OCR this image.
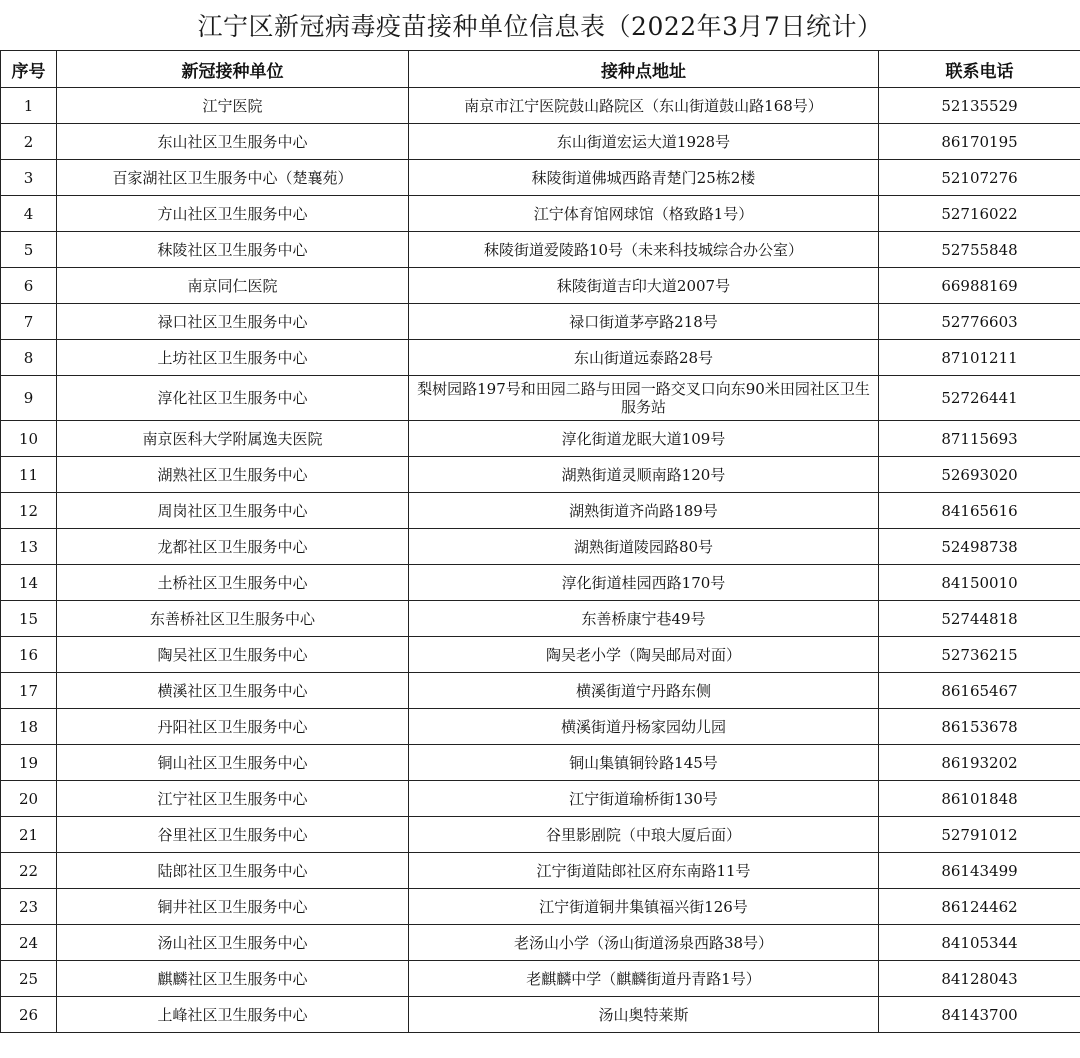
江宁区新冠病毒疫苗接种单位信息表（2022年3月7日统计）
序号	新冠接种单位	接种点地址	联系电话
1	江宁医院	南京市江宁医院鼓山路院区（东山街道鼓山路168号）	52135529
2	东山社区卫生服务中心	东山街道宏运大道1928号	86170195
3	百家湖社区卫生服务中心（楚襄苑）	秣陵街道佛城西路青楚门25栋2楼	52107276
4	方山社区卫生服务中心	江宁体育馆网球馆（格致路1号）	52716022
5	秣陵社区卫生服务中心	秣陵街道爱陵路10号（未来科技城综合办公室）	52755848
6	南京同仁医院	秣陵街道吉印大道2007号	66988169
7	禄口社区卫生服务中心	禄口街道茅亭路218号	52776603
8	上坊社区卫生服务中心	东山街道远泰路28号	87101211
9	淳化社区卫生服务中心	梨树园路197号和田园二路与田园一路交叉口向东90米田园社区卫生服务站	52726441
10	南京医科大学附属逸夫医院	淳化街道龙眠大道109号	87115693
11	湖熟社区卫生服务中心	湖熟街道灵顺南路120号	52693020
12	周岗社区卫生服务中心	湖熟街道齐尚路189号	84165616
13	龙都社区卫生服务中心	湖熟街道陵园路80号	52498738
14	土桥社区卫生服务中心	淳化街道桂园西路170号	84150010
15	东善桥社区卫生服务中心	东善桥康宁巷49号	52744818
16	陶吴社区卫生服务中心	陶吴老小学（陶吴邮局对面）	52736215
17	横溪社区卫生服务中心	横溪街道宁丹路东侧	86165467
18	丹阳社区卫生服务中心	横溪街道丹杨家园幼儿园	86153678
19	铜山社区卫生服务中心	铜山集镇铜铃路145号	86193202
20	江宁社区卫生服务中心	江宁街道瑜桥街130号	86101848
21	谷里社区卫生服务中心	谷里影剧院（中琅大厦后面）	52791012
22	陆郎社区卫生服务中心	江宁街道陆郎社区府东南路11号	86143499
23	铜井社区卫生服务中心	江宁街道铜井集镇福兴街126号	86124462
24	汤山社区卫生服务中心	老汤山小学（汤山街道汤泉西路38号）	84105344
25	麒麟社区卫生服务中心	老麒麟中学（麒麟街道丹青路1号）	84128043
26	上峰社区卫生服务中心	汤山奥特莱斯	84143700
